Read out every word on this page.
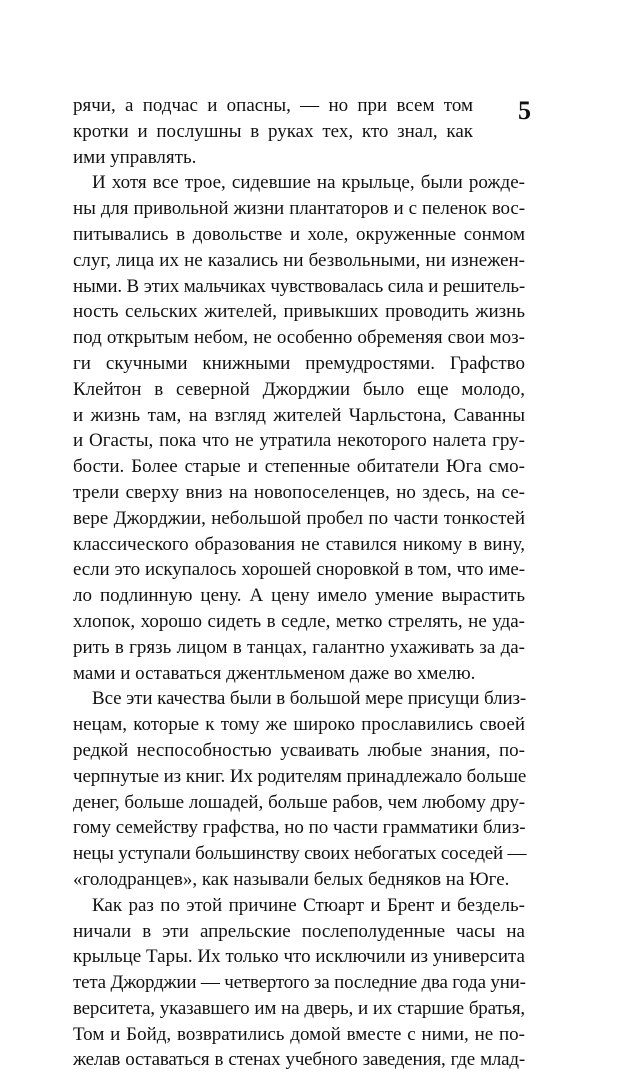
5
рячи, а подчас и опасны, — но при всем том
кротки и послушны в руках тех, кто знал, как
ими управлять.
И хотя все трое, сидевшие на крыльце, были рожде-
ны для привольной жизни плантаторов и с пеленок вос-
питывались в довольстве и холе, окруженные сонмом
слуг, лица их не казались ни безвольными, ни изнежен-
ными. В этих мальчиках чувствовалась сила и решитель-
ность сельских жителей, привыкших проводить жизнь
под открытым небом, не особенно обременяя свои моз-
ги скучными книжными премудростями. Графство
Клейтон в северной Джорджии было еще молодо,
и жизнь там, на взгляд жителей Чарльстона, Саванны
и Огасты, пока что не утратила некоторого налета гру-
бости. Более старые и степенные обитатели Юга смо-
трели сверху вниз на новопоселенцев, но здесь, на се-
вере Джорджии, небольшой пробел по части тонкостей
классического образования не ставился никому в вину,
если это искупалось хорошей сноровкой в том, что име-
ло подлинную цену. А цену имело умение вырастить
хлопок, хорошо сидеть в седле, метко стрелять, не уда-
рить в грязь лицом в танцах, галантно ухаживать за да-
мами и оставаться джентльменом даже во хмелю.
Все эти качества были в большой мере присущи близ-
нецам, которые к тому же широко прославились своей
редкой неспособностью усваивать любые знания, по-
черпнутые из книг. Их родителям принадлежало больше
денег, больше лошадей, больше рабов, чем любому дру-
гому семейству графства, но по части грамматики близ-
нецы уступали большинству своих небогатых соседей —
«голодранцев», как называли белых бедняков на Юге.
Как раз по этой причине Стюарт и Брент и бездель-
ничали в эти апрельские послеполуденные часы на
крыльце Тары. Их только что исключили из университа
тета Джорджии — четвертого за последние два года уни-
верситета, указавшего им на дверь, и их старшие братья,
Том и Бойд, возвратились домой вместе с ними, не по-
желав оставаться в стенах учебного заведения, где млад-
